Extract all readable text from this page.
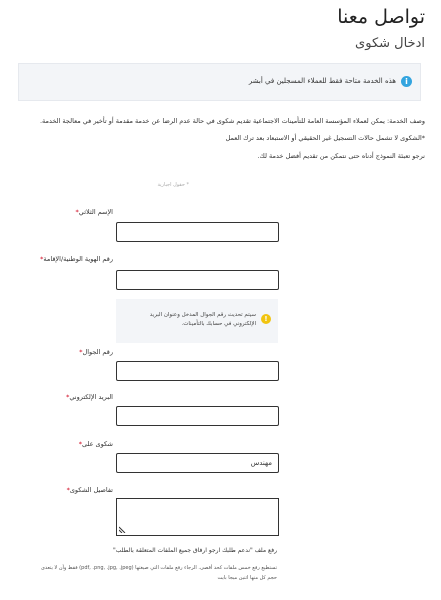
تواصل معنا
ادخال شكوى
i
هذه الخدمة متاحة فقط للعملاء المسجلين في أبشر
وصف الخدمة: يمكن لعملاء المؤسسة العامة للتأمينات الاجتماعية تقديم شكوى في حالة عدم الرضا عن خدمة مقدمة أو تأخير في معالجة الخدمة.
*الشكوى لا تشمل حالات التسجيل غير الحقيقي أو الاستبعاد بعد ترك العمل
نرجو تعبئة النموذج أدناه حتى نتمكن من تقديم أفضل خدمة لك.
* حقول اجبارية
الإسم الثلاثي*
رقم الهوية الوطنية/الإقامة*
!
سيتم تحديث رقم الجوال المدخل وعنوان البريد الإلكتروني في حسابك بالتأمينات.
رقم الجوال*
البريد الإلكتروني*
شكوى على*
مهندس
تفاصيل الشكوى*
رفع ملف "ندعم طلبك ارجو ارفاق جميع الملفات المتعلقة بالطلب"
تستطيع رفع خمس ملفات كحد أقصى. الرجاء رفع ملفات التي صيغتها (pdf, .png, .jpg, .jpeg) فقط وأن لا يتعدى
حجم كل منها اثنين ميجا بايت
